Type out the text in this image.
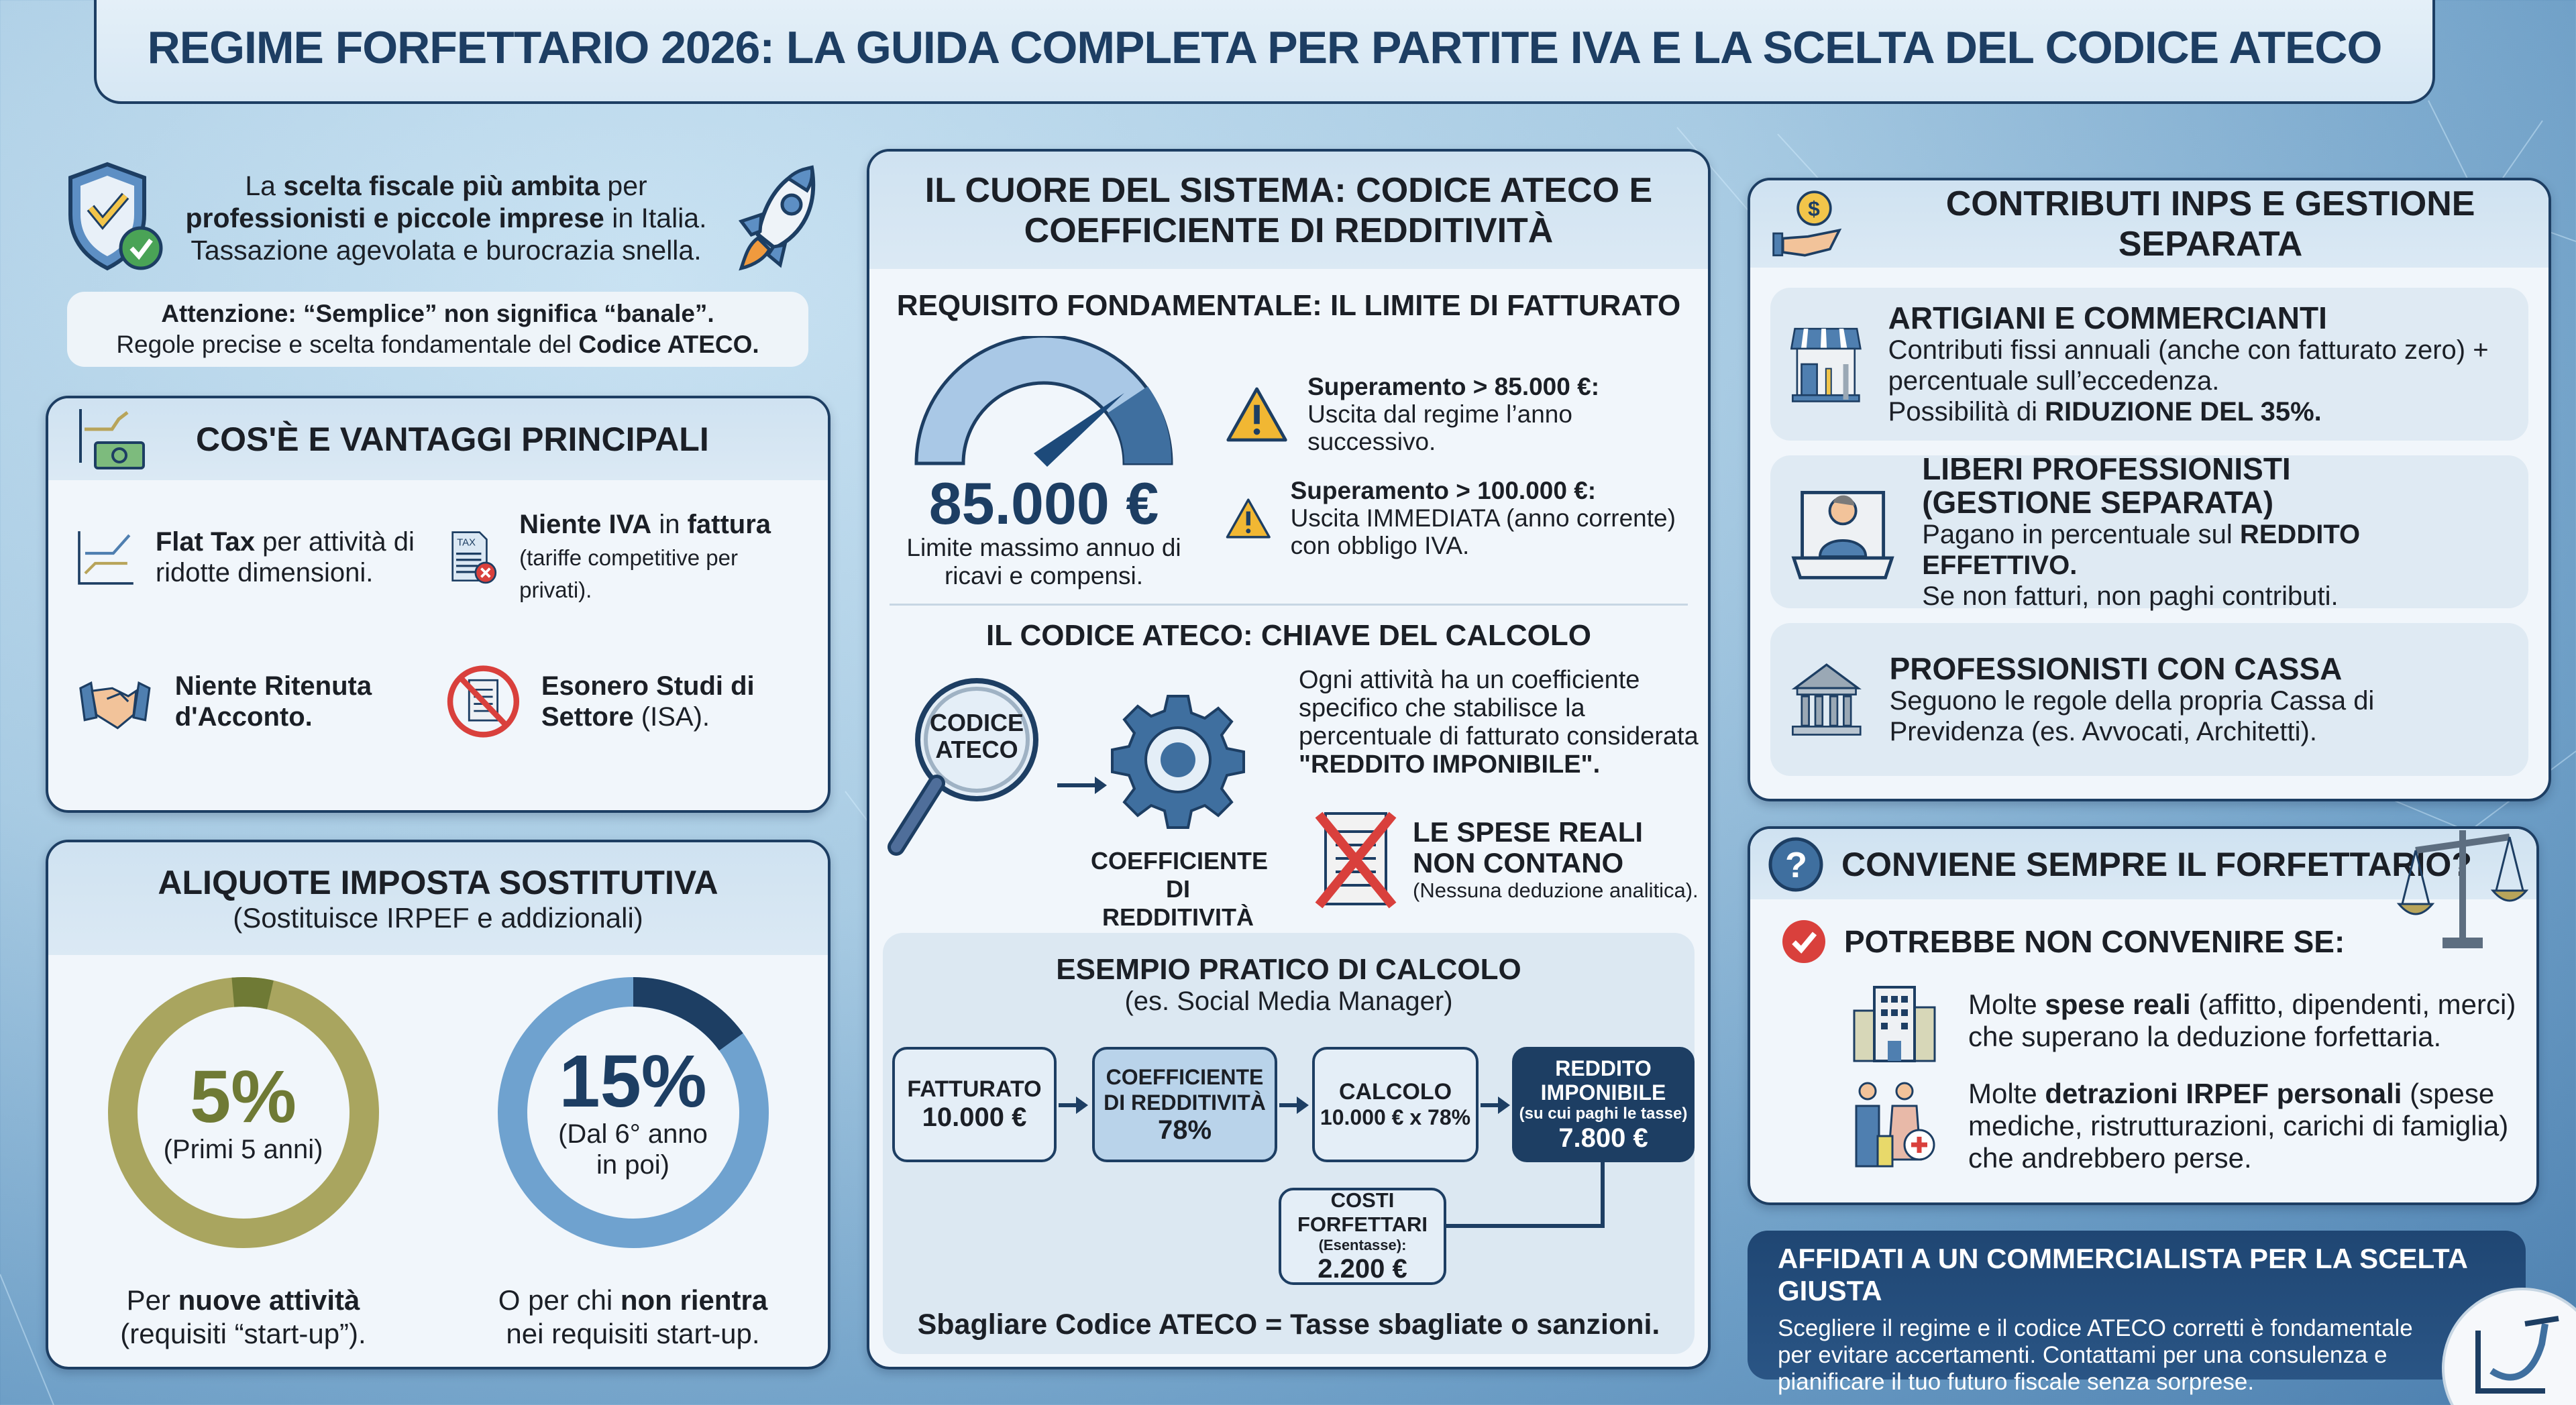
REGIME FORFETTARIO 2026: LA GUIDA COMPLETA PER PARTITE IVA E LA SCELTA DEL CODICE ATECO

La scelta fiscale più ambita per
professionisti e piccole imprese in Italia.
Tassazione agevolata e burocrazia snella.

Attenzione: “Semplice” non significa “banale”.
Regole precise e scelta fondamentale del Codice ATECO.
COS'È E VANTAGGI PRINCIPALI

Flat Tax per attività di ridotte dimensioni.

TAX

Niente IVA in fattura (tariffe competitive per privati).

Niente Ritenuta d'Acconto.

Esonero Studi di Settore (ISA).

ALIQUOTE IMPOSTA SOSTITUTIVA
(Sostituisce IRPEF e addizionali)
5%
(Primi 5 anni)
Per nuove attività
(requisiti “start-up”).
15%
(Dal 6° anno in poi)
O per chi non rientra
nei requisiti start-up.
IL CUORE DEL SISTEMA: CODICE ATECO E
COEFFICIENTE DI REDDITIVITÀ
REQUISITO FONDAMENTALE: IL LIMITE DI FATTURATO
85.000 €
Limite massimo annuo di ricavi e compensi.

Superamento > 85.000 €:
Uscita dal regime l’anno successivo.

Superamento > 100.000 €:
Uscita IMMEDIATA (anno corrente) con obbligo IVA.

IL CODICE ATECO: CHIAVE DEL CALCOLO
CODICE ATECO
COEFFICIENTE DI REDDITIVITÀ
Ogni attività ha un coefficiente specifico che stabilisce la percentuale di fatturato considerata
"REDDITO IMPONIBILE".
LE SPESE REALI NON CONTANO
(Nessuna deduzione analitica).
ESEMPIO PRATICO DI CALCOLO
(es. Social Media Manager)
FATTURATO
10.000 €
COEFFICIENTE DI REDDITIVITÀ
78%
CALCOLO
10.000 € x 78%
REDDITO IMPONIBILE
(su cui paghi le tasse)
7.800 €
COSTI FORFETTARI
(Esentasse):
2.200 €
Sbagliare Codice ATECO = Tasse sbagliate o sanzioni.
$	CONTRIBUTI INPS E GESTIONE SEPARATA
ARTIGIANI E COMMERCIANTI

Contributi fissi annuali (anche con fatturato zero) + percentuale sull’eccedenza.
Possibilità di RIDUZIONE DEL 35%.

LIBERI PROFESSIONISTI
(GESTIONE SEPARATA)

Pagano in percentuale sul REDDITO EFFETTIVO.
Se non fatturi, non paghi contributi.

PROFESSIONISTI CON CASSA

Seguono le regole della propria Cassa di Previdenza (es. Avvocati, Architetti).

? CONVIENE SEMPRE IL FORFETTARIO?
POTREBBE NON CONVENIRE SE:

Molte spese reali (affitto, dipendenti, merci) che superano la deduzione forfettaria.

Molte detrazioni IRPEF personali (spese mediche, ristrutturazioni, carichi di famiglia) che andrebbero perse.

AFFIDATI A UN COMMERCIALISTA PER LA SCELTA GIUSTA
Scegliere il regime e il codice ATECO corretti è fondamentale per evitare accertamenti. Contattami per una consulenza e pianificare il tuo futuro fiscale senza sorprese.
